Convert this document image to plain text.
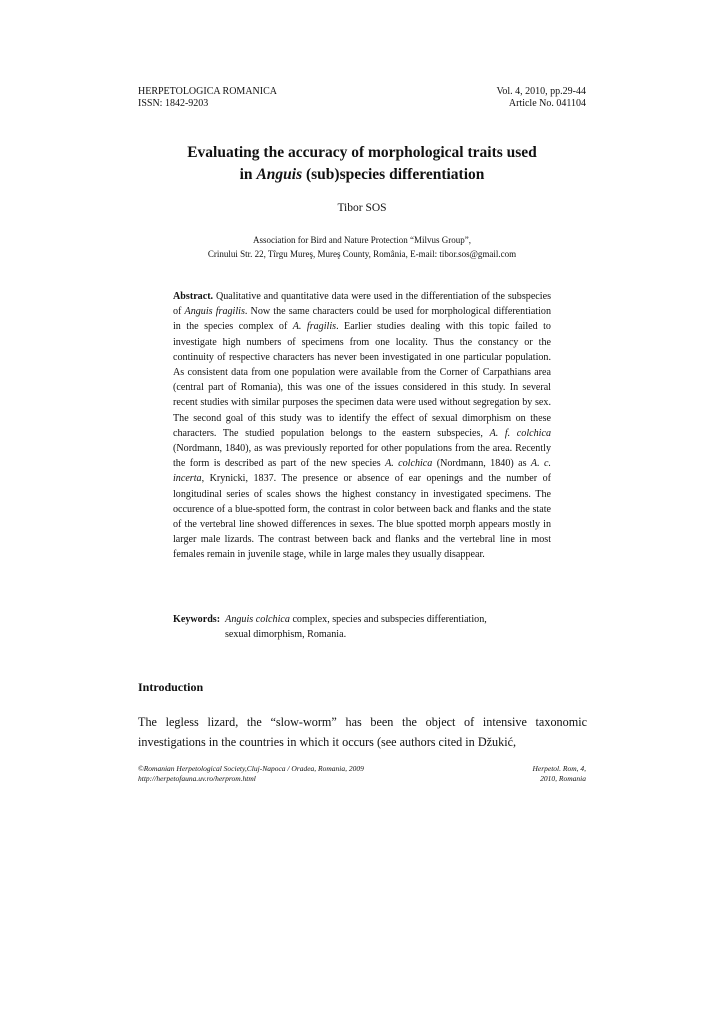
HERPETOLOGICA ROMANICA
ISSN: 1842-9203
Vol. 4, 2010, pp.29-44
Article No. 041104
Evaluating the accuracy of morphological traits used
in Anguis (sub)species differentiation
Tibor SOS
Association for Bird and Nature Protection “Milvus Group”,
Crinului Str. 22, Tîrgu Mureş, Mureş County, România, E-mail: tibor.sos@gmail.com
Abstract. Qualitative and quantitative data were used in the differentiation of the subspecies of Anguis fragilis. Now the same characters could be used for morphological differentiation in the species complex of A. fragilis. Earlier studies dealing with this topic failed to investigate high numbers of specimens from one locality. Thus the constancy or the continuity of respective characters has never been investigated in one particular population. As consistent data from one population were available from the Corner of Carpathians area (central part of Romania), this was one of the issues considered in this study. In several recent studies with similar purposes the specimen data were used without segregation by sex. The second goal of this study was to identify the effect of sexual dimorphism on these characters. The studied population belongs to the eastern subspecies, A. f. colchica (Nordmann, 1840), as was previously reported for other populations from the area. Recently the form is described as part of the new species A. colchica (Nordmann, 1840) as A. c. incerta, Krynicki, 1837. The presence or absence of ear openings and the number of longitudinal series of scales shows the highest constancy in investigated specimens. The occurence of a blue-spotted form, the contrast in color between back and flanks and the state of the vertebral line showed differences in sexes. The blue spotted morph appears mostly in larger male lizards. The contrast between back and flanks and the vertebral line in most females remain in juvenile stage, while in large males they usually disappear.
Keywords: Anguis colchica complex, species and subspecies differentiation,
sexual dimorphism, Romania.
Introduction
The legless lizard, the “slow-worm” has been the object of intensive taxonomic investigations in the countries in which it occurs (see authors cited in Džukić,
©Romanian Herpetological Society,Cluj-Napoca / Oradea, Romania, 2009
http://herpetofauna.uv.ro/herprom.html
Herpetol. Rom, 4,
2010, Romania
